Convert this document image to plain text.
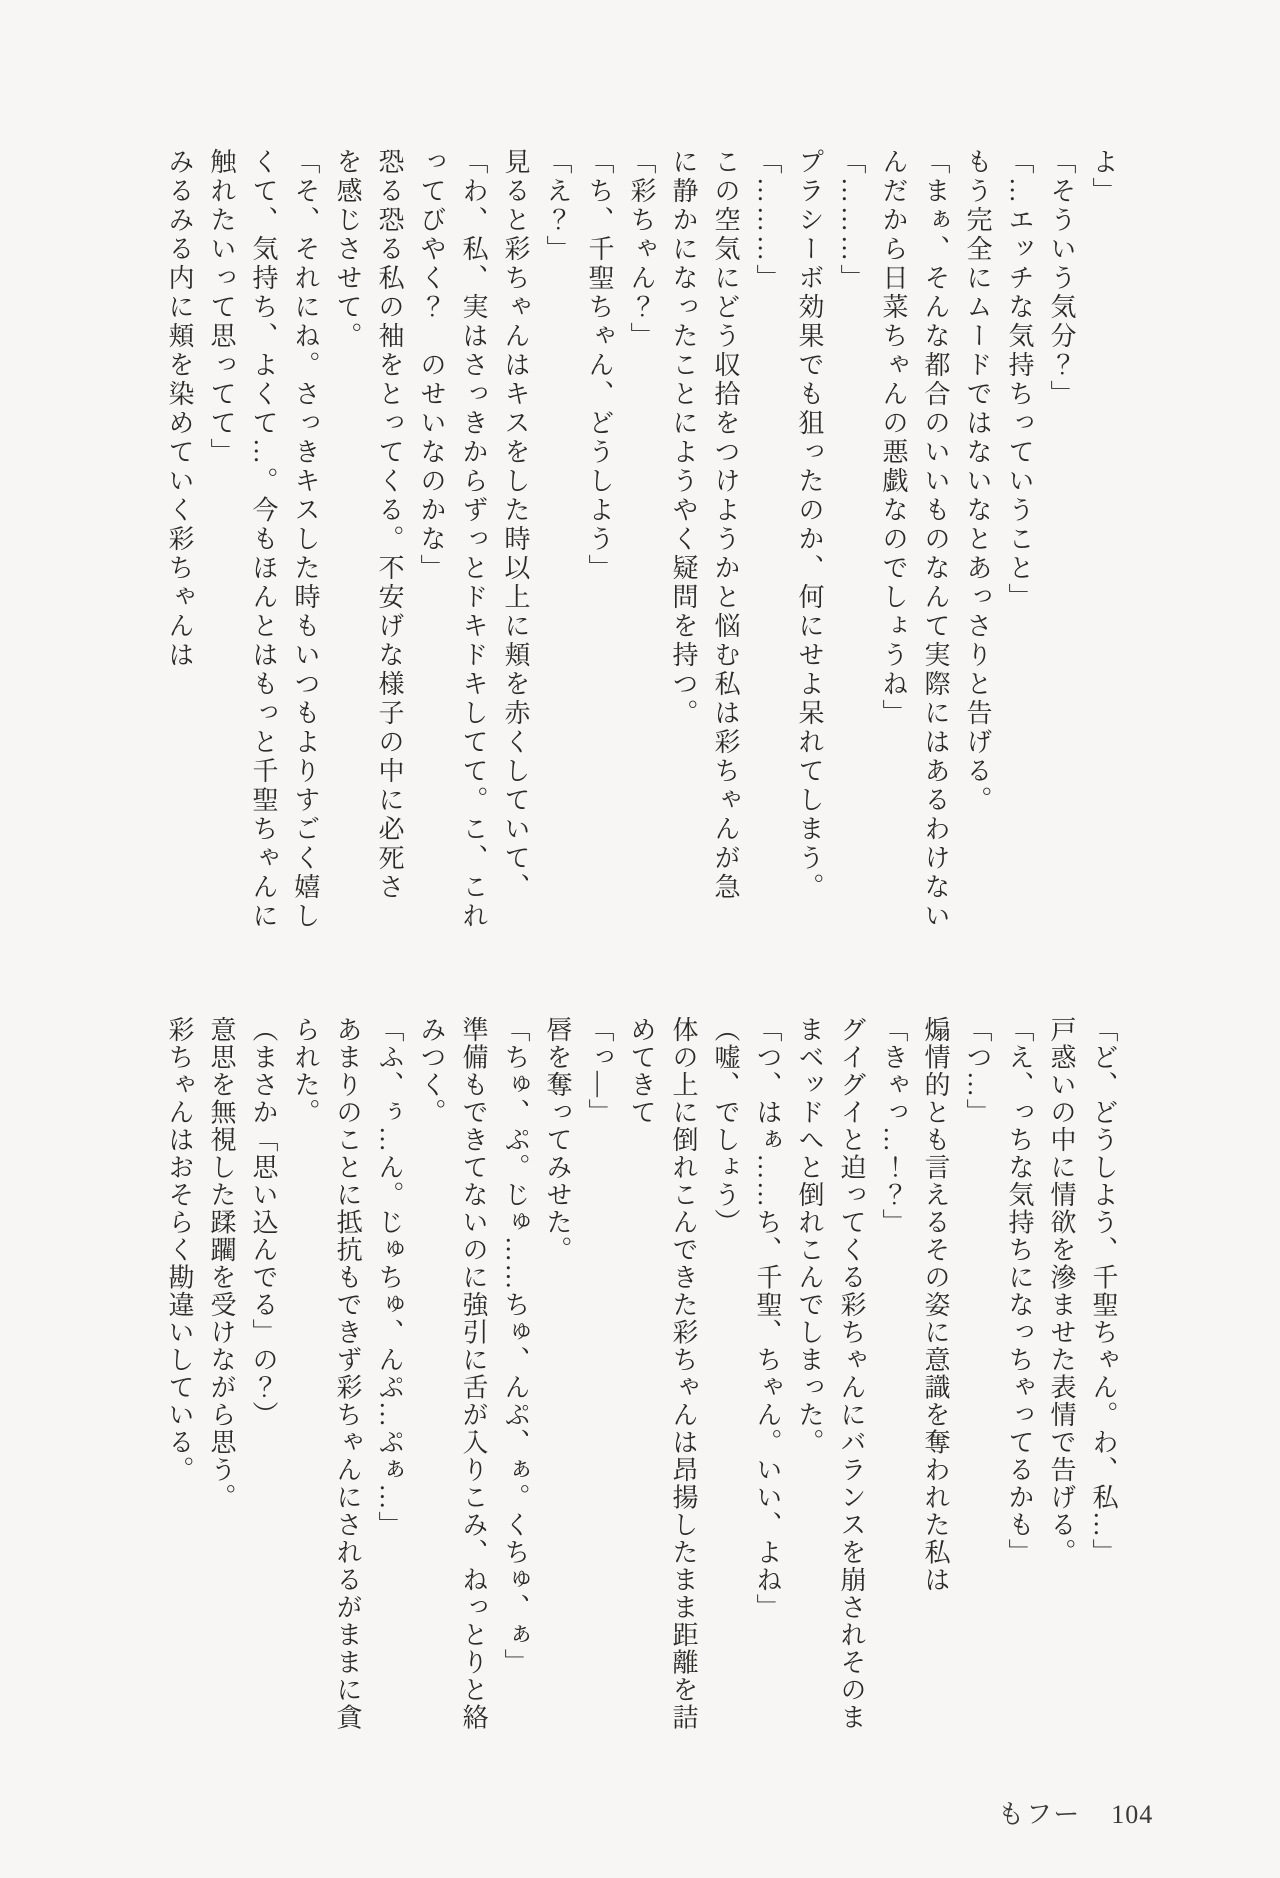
よ」
「そういう気分？」
「…エッチな気持ちっていうこと」
もう完全にムードではないなとあっさりと告げる。
「まぁ、そんな都合のいいものなんて実際にはあるわけない
んだから日菜ちゃんの悪戯なのでしょうね」
「………」
プラシーボ効果でも狙ったのか、何にせよ呆れてしまう。
「………」
この空気にどう収拾をつけようかと悩む私は彩ちゃんが急
に静かになったことにようやく疑問を持つ。
「彩ちゃん？」
「ち、千聖ちゃん、どうしよう」
「え？」
見ると彩ちゃんはキスをした時以上に頬を赤くしていて、
「わ、私、実はさっきからずっとドキドキしてて。こ、これ
ってびやく？　のせいなのかな」
恐る恐る私の袖をとってくる。不安げな様子の中に必死さ
を感じさせて。
「そ、それにね。さっきキスした時もいつもよりすごく嬉し
くて、気持ち、よくて…。今もほんとはもっと千聖ちゃんに
触れたいって思ってて」
みるみる内に頬を染めていく彩ちゃんは
「ど、どうしよう、千聖ちゃん。わ、私…」
戸惑いの中に情欲を滲ませた表情で告げる。
「え、っちな気持ちになっちゃってるかも」
「つ…」
煽情的とも言えるその姿に意識を奪われた私は
「きゃっ…！？」
グイグイと迫ってくる彩ちゃんにバランスを崩されそのま
まベッドへと倒れこんでしまった。
「つ、はぁ……ち、千聖、ちゃん。いい、よね」
（嘘、でしょう）
体の上に倒れこんできた彩ちゃんは昂揚したまま距離を詰
めてきて
「っ―」
唇を奪ってみせた。
「ちゅ、ぷ。じゅ……ちゅ、んぷ、ぁ。くちゅ、ぁ」
準備もできてないのに強引に舌が入りこみ、ねっとりと絡
みつく。
「ふ、ぅ…ん。じゅちゅ、んぷ…ぷぁ…」
あまりのことに抵抗もできず彩ちゃんにされるがままに貪
られた。
（まさか「思い込んでる」の？）
意思を無視した蹂躙を受けながら思う。
彩ちゃんはおそらく勘違いしている。
もフー 104
